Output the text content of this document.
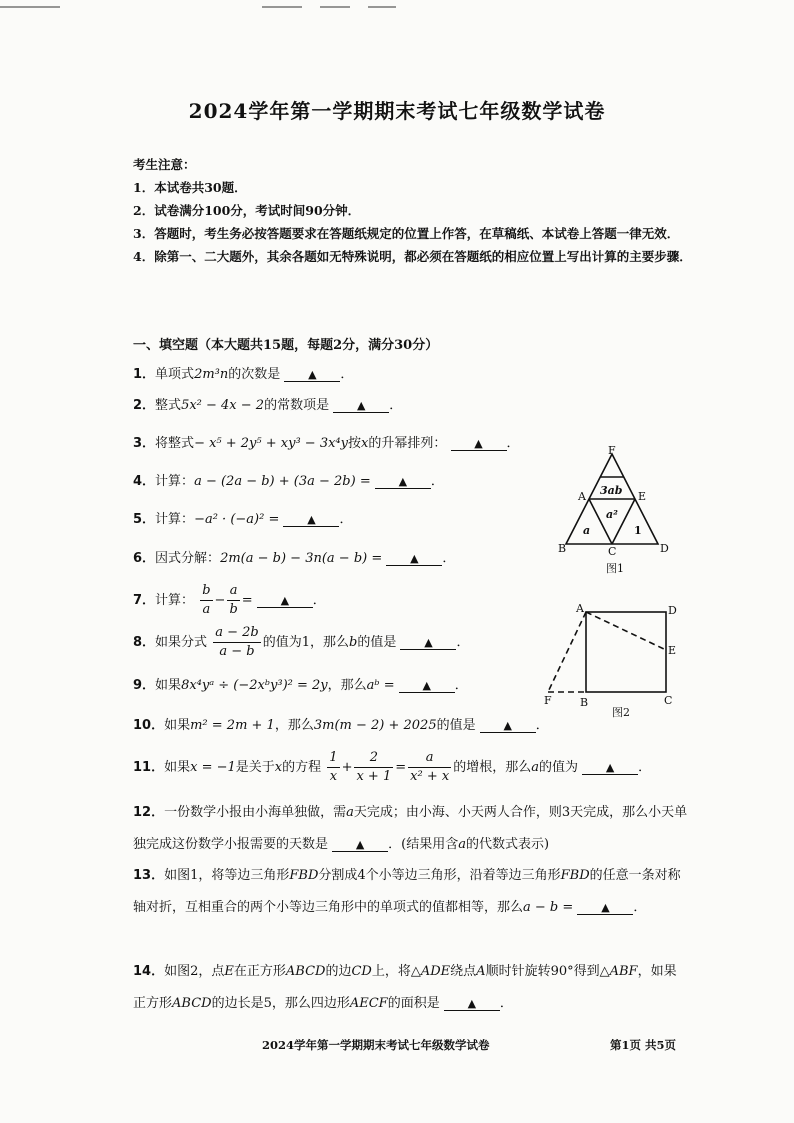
2024学年第一学期期末考试七年级数学试卷
考生注意：
1．本试卷共30题．
2．试卷满分100分，考试时间90分钟．
3．答题时，考生务必按答题要求在答题纸规定的位置上作答，在草稿纸、本试卷上答题一律无效．
4．除第一、二大题外，其余各题如无特殊说明，都必须在答题纸的相应位置上写出计算的主要步骤．
一、填空题（本大题共15题，每题2分，满分30分）
1．单项式2m³n的次数是	▲ ．
2．整式5x² − 4x − 2的常数项是	▲ ．
3．将整式− x⁵ + 2y⁵ + xy³ − 3x⁴y按x的升幂排列：	▲ ．
4．计算：a − (2a − b) + (3a − 2b) =	▲ ．
5．计算：−a² · (−a)² =	▲ ．
6．因式分解：2m(a − b) − 3n(a − b) =	▲ ．
7．计算： $\frac{b}{a} - \frac{a}{b}$ = ▲ ．
8．如果分式 $\frac{a - 2b}{a - b}$ 的值为1，那么b的值是	▲ ．
9．如果8x⁴yᵃ ÷ (−2xᵇy³)² = 2y，那么aᵇ =	▲ ．
10．如果m² = 2m + 1，那么3m(m − 2) + 2025的值是	▲ ．
11．如果x = −1是关于x的方程 $\frac{1}{x} + \frac{2}{x + 1} = \frac{a}{\text{x² + x}}$ 的增根，那么a的值为	▲ ．
12．一份数学小报由小海单独做，需a天完成；由小海、小天两人合作，则3天完成，那么小天单独完成这份数学小报需要的天数是	▲ ．(结果用含a的代数式表示)
13．如图1，将等边三角形FBD分割成4个小等边三角形，沿着等边三角形FBD的任意一条对称轴对折，互相重合的两个小等边三角形中的单项式的值都相等，那么a − b =	▲ ．
14．如图2，点E在正方形ABCD的边CD上，将△ADE绕点A顺时针旋转90°得到△ABF，如果正方形ABCD的边长是5，那么四边形AECF的面积是	▲ ．
F
A	E
B	C	D
3ab
a²
a	1
图1
A	D
E
F	B	C
图2
2024学年第一学期期末考试七年级数学试卷	第1页 共5页
